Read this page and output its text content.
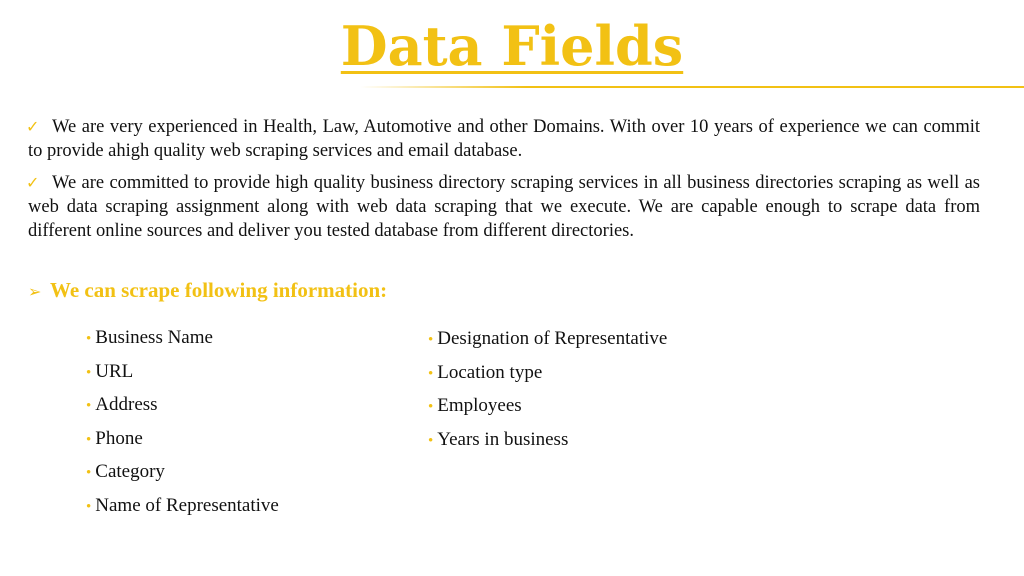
Data Fields
✓ We are very experienced in Health, Law, Automotive and other Domains. With over 10 years of experience we can commit to provide ahigh quality web scraping services and email database.
✓ We are committed to provide high quality business directory scraping services in all business directories scraping as well as web data scraping assignment along with web data scraping that we execute. We are capable enough to scrape data from different online sources and deliver you tested database from different directories.
➢ We can scrape following information:
• Business Name
• URL
• Address
• Phone
• Category
• Name of Representative
• Designation of Representative
• Location type
• Employees
• Years in business
